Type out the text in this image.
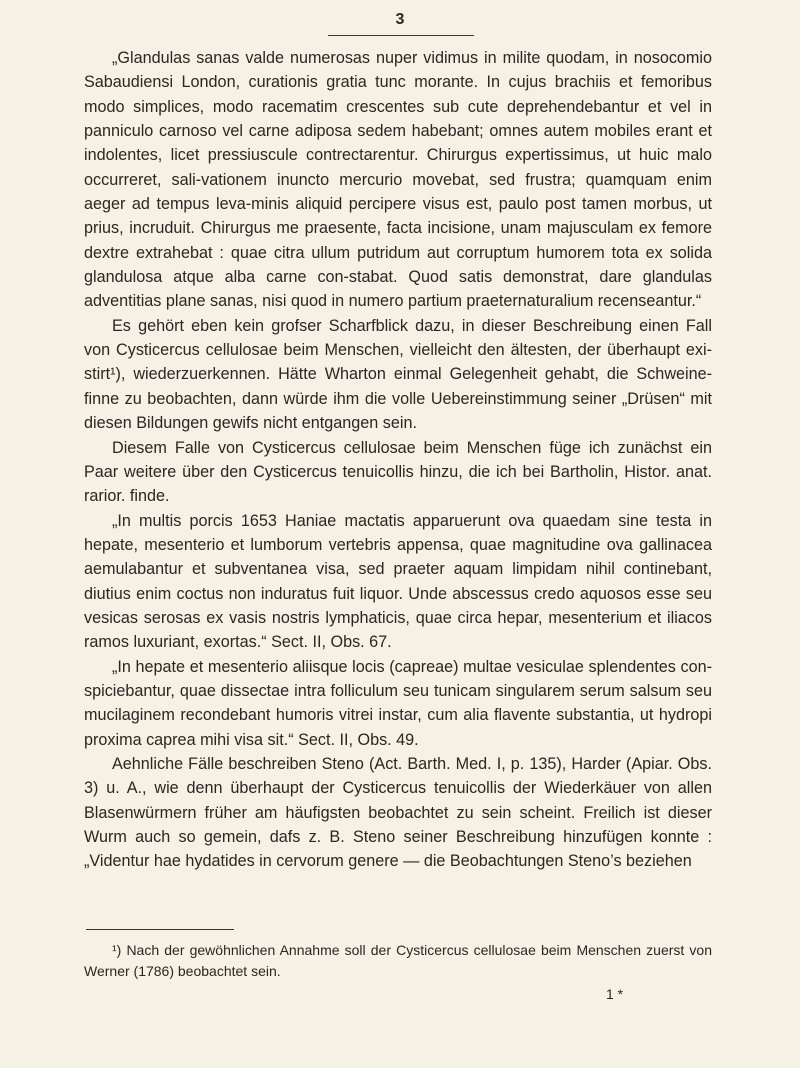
3

„Glandulas sanas valde numerosas nuper vidimus in milite quodam, in nosocomio Sabaudiensi London, curationis gratia tunc morante. In cujus brachiis et femoribus modo simplices, modo racematim crescentes sub cute deprehendebantur et vel in panniculo carnoso vel carne adiposa sedem habebant; omnes autem mobiles erant et indolentes, licet pressiuscule contrectarentur. Chirurgus expertissimus, ut huic malo occurreret, sali-vationem inuncto mercurio movebat, sed frustra; quamquam enim aeger ad tempus leva-minis aliquid percipere visus est, paulo post tamen morbus, ut prius, incruduit. Chirurgus me praesente, facta incisione, unam majusculam ex femore dextre extrahebat : quae citra ullum putridum aut corruptum humorem tota ex solida glandulosa atque alba carne con-stabat. Quod satis demonstrat, dare glandulas adventitias plane sanas, nisi quod in numero partium praeternaturalium recenseantur.“

Es gehört eben kein grofser Scharfblick dazu, in dieser Beschreibung einen Fall von Cysticercus cellulosae beim Menschen, vielleicht den ältesten, der überhaupt exi-stirt¹), wiederzuerkennen. Hätte Wharton einmal Gelegenheit gehabt, die Schweine-finne zu beobachten, dann würde ihm die volle Uebereinstimmung seiner „Drüsen“ mit diesen Bildungen gewifs nicht entgangen sein.

Diesem Falle von Cysticercus cellulosae beim Menschen füge ich zunächst ein Paar weitere über den Cysticercus tenuicollis hinzu, die ich bei Bartholin, Histor. anat. rarior. finde.

„In multis porcis 1653 Haniae mactatis apparuerunt ova quaedam sine testa in hepate, mesenterio et lumborum vertebris appensa, quae magnitudine ova gallinacea aemulabantur et subventanea visa, sed praeter aquam limpidam nihil continebant, diutius enim coctus non induratus fuit liquor. Unde abscessus credo aquosos esse seu vesicas serosas ex vasis nostris lymphaticis, quae circa hepar, mesenterium et iliacos ramos luxuriant, exortas.“ Sect. II, Obs. 67.

„In hepate et mesenterio aliisque locis (capreae) multae vesiculae splendentes con-spiciebantur, quae dissectae intra folliculum seu tunicam singularem serum salsum seu mucilaginem recondebant humoris vitrei instar, cum alia flavente substantia, ut hydropi proxima caprea mihi visa sit.“ Sect. II, Obs. 49.

Aehnliche Fälle beschreiben Steno (Act. Barth. Med. I, p. 135), Harder (Apiar. Obs. 3) u. A., wie denn überhaupt der Cysticercus tenuicollis der Wiederkäuer von allen Blasenwürmern früher am häufigsten beobachtet zu sein scheint. Freilich ist dieser Wurm auch so gemein, dafs z. B. Steno seiner Beschreibung hinzufügen konnte : „Videntur hae hydatides in cervorum genere — die Beobachtungen Steno’s beziehen

¹) Nach der gewöhnlichen Annahme soll der Cysticercus cellulosae beim Menschen zuerst von Werner (1786) beobachtet sein.
1 *
